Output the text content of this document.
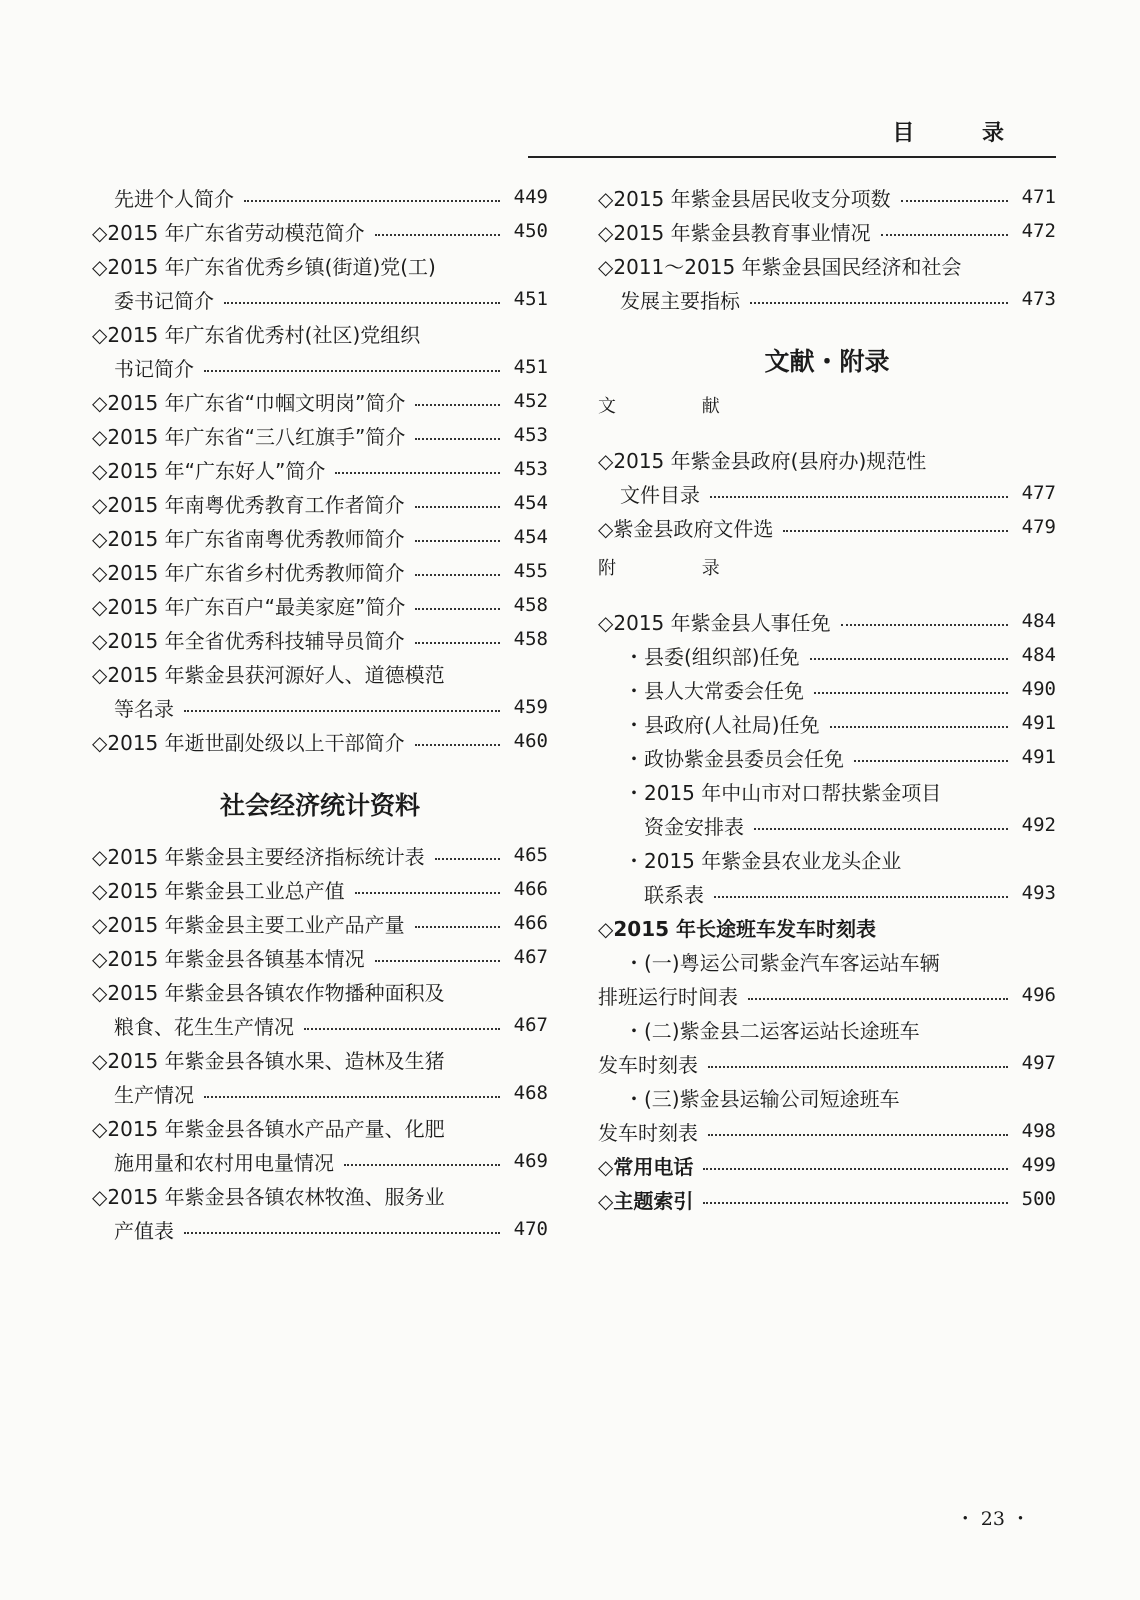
目 录
先进个人简介	449
◇2015 年广东省劳动模范简介	450
◇2015 年广东省优秀乡镇(街道)党(工)
委书记简介	451
◇2015 年广东省优秀村(社区)党组织
书记简介	451
◇2015 年广东省“巾帼文明岗”简介	452
◇2015 年广东省“三八红旗手”简介	453
◇2015 年“广东好人”简介	453
◇2015 年南粤优秀教育工作者简介	454
◇2015 年广东省南粤优秀教师简介	454
◇2015 年广东省乡村优秀教师简介	455
◇2015 年广东百户“最美家庭”简介	458
◇2015 年全省优秀科技辅导员简介	458
◇2015 年紫金县获河源好人、道德模范
等名录	459
◇2015 年逝世副处级以上干部简介	460
社会经济统计资料
◇2015 年紫金县主要经济指标统计表	465
◇2015 年紫金县工业总产值	466
◇2015 年紫金县主要工业产品产量	466
◇2015 年紫金县各镇基本情况	467
◇2015 年紫金县各镇农作物播种面积及
粮食、花生生产情况	467
◇2015 年紫金县各镇水果、造林及生猪
生产情况	468
◇2015 年紫金县各镇水产品产量、化肥
施用量和农村用电量情况	469
◇2015 年紫金县各镇农林牧渔、服务业
产值表	470
◇2015 年紫金县居民收支分项数	471
◇2015 年紫金县教育事业情况	472
◇2011～2015 年紫金县国民经济和社会
发展主要指标	473
文献・附录
文 献
◇2015 年紫金县政府(县府办)规范性
文件目录	477
◇紫金县政府文件选	479
附 录
◇2015 年紫金县人事任免	484
・县委(组织部)任免	484
・县人大常委会任免	490
・县政府(人社局)任免	491
・政协紫金县委员会任免	491
・2015 年中山市对口帮扶紫金项目
资金安排表	492
・2015 年紫金县农业龙头企业
联系表	493
◇2015 年长途班车发车时刻表
・(一)粤运公司紫金汽车客运站车辆
排班运行时间表	496
・(二)紫金县二运客运站长途班车
发车时刻表	497
・(三)紫金县运输公司短途班车
发车时刻表	498
◇常用电话	499
◇主题索引	500
・ 23 ・
